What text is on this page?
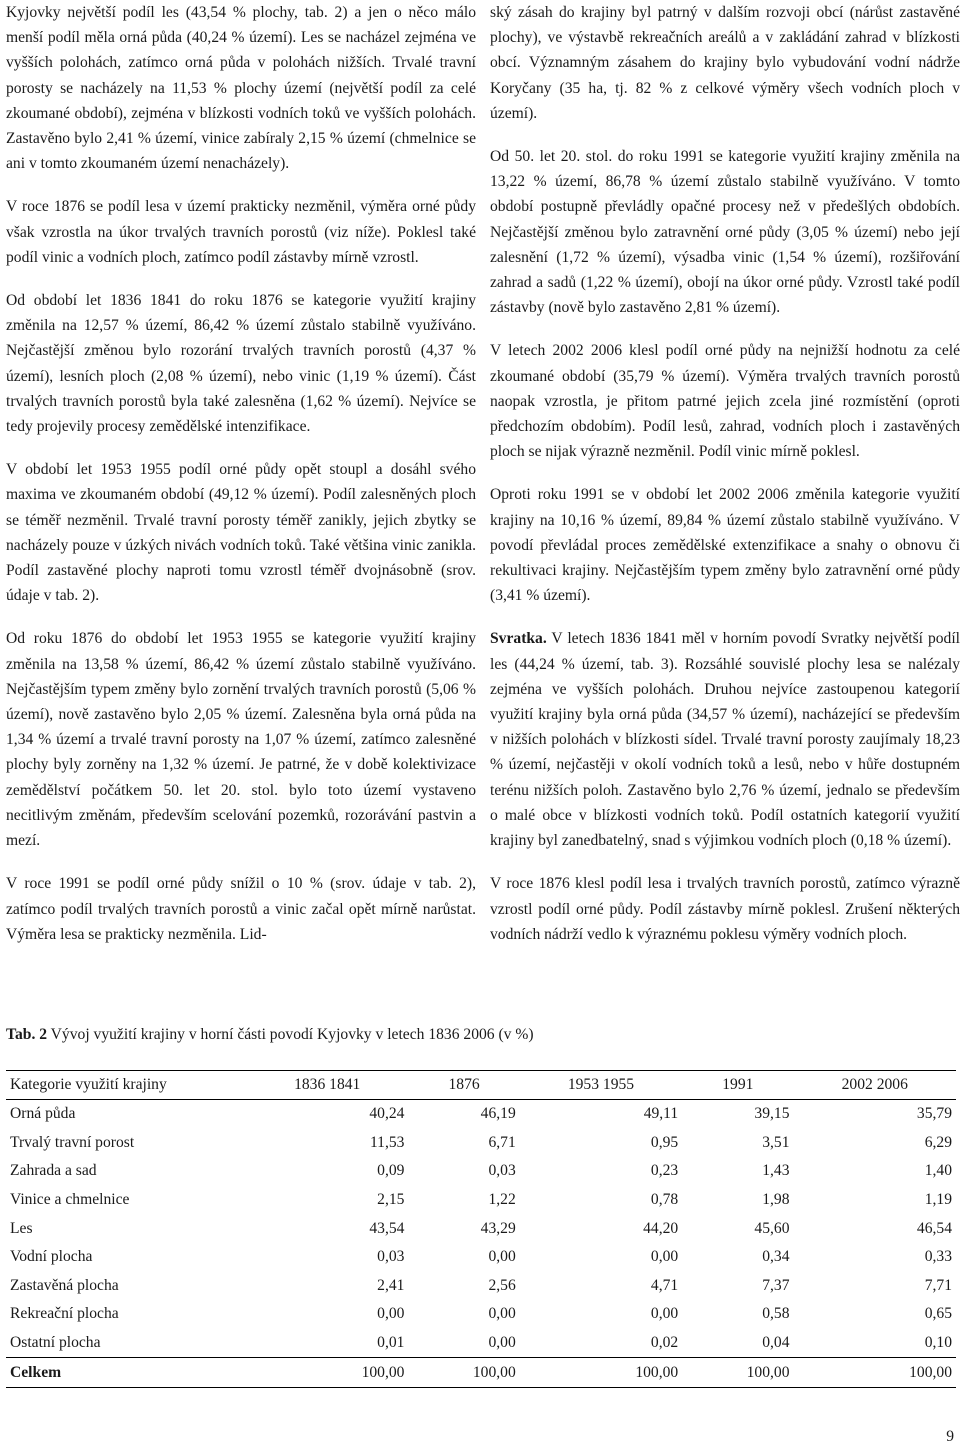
Kyjovky největší podíl les (43,54 % plochy, tab. 2) a jen o něco málo menší podíl měla orná půda (40,24 % území). Les se nacházel zejména ve vyšších polohách, zatímco orná půda v polohách nižších. Trvalé travní porosty se nacházely na 11,53 % plochy území (největší podíl za celé zkoumané období), zejména v blízkosti vodních toků ve vyšších polohách. Zastavěno bylo 2,41 % území, vinice zabíraly 2,15 % území (chmelnice se ani v tomto zkoumaném území nenacházely).

V roce 1876 se podíl lesa v území prakticky nezměnil, výměra orné půdy však vzrostla na úkor trvalých travních porostů (viz níže). Poklesl také podíl vinic a vodních ploch, zatímco podíl zástavby mírně vzrostl.

Od období let 1836 1841 do roku 1876 se kategorie využití krajiny změnila na 12,57 % území, 86,42 % území zůstalo stabilně využíváno. Nejčastější změnou bylo rozorání trvalých travních porostů (4,37 % území), lesních ploch (2,08 % území), nebo vinic (1,19 % území). Část trvalých travních porostů byla také zalesněna (1,62 % území). Nejvíce se tedy projevily procesy zemědělské intenzifikace.

V období let 1953 1955 podíl orné půdy opět stoupl a dosáhl svého maxima ve zkoumaném období (49,12 % území). Podíl zalesněných ploch se téměř nezměnil. Trvalé travní porosty téměř zanikly, jejich zbytky se nacházely pouze v úzkých nivách vodních toků. Také většina vinic zanikla. Podíl zastavěné plochy naproti tomu vzrostl téměř dvojnásobně (srov. údaje v tab. 2).

Od roku 1876 do období let 1953 1955 se kategorie využití krajiny změnila na 13,58 % území, 86,42 % území zůstalo stabilně využíváno. Nejčastějším typem změny bylo zornění trvalých travních porostů (5,06 % území), nově zastavěno bylo 2,05 % území. Zalesněna byla orná půda na 1,34 % území a trvalé travní porosty na 1,07 % území, zatímco zalesněné plochy byly zorněny na 1,32 % území. Je patrné, že v době kolektivizace zemědělství počátkem 50. let 20. stol. bylo toto území vystaveno necitlivým změnám, především scelování pozemků, rozorávání pastvin a mezí.

V roce 1991 se podíl orné půdy snížil o 10 % (srov. údaje v tab. 2), zatímco podíl trvalých travních porostů a vinic začal opět mírně narůstat. Výměra lesa se prakticky nezměnila. Lid-

ský zásah do krajiny byl patrný v dalším rozvoji obcí (nárůst zastavěné plochy), ve výstavbě rekreačních areálů a v zakládání zahrad v blízkosti obcí. Významným zásahem do krajiny bylo vybudování vodní nádrže Koryčany (35 ha, tj. 82 % z celkové výměry všech vodních ploch v území).

Od 50. let 20. stol. do roku 1991 se kategorie využití krajiny změnila na 13,22 % území, 86,78 % území zůstalo stabilně využíváno. V tomto období postupně převládly opačné procesy než v předešlých obdobích. Nejčastější změnou bylo zatravnění orné půdy (3,05 % území) nebo její zalesnění (1,72 % území), výsadba vinic (1,54 % území), rozšiřování zahrad a sadů (1,22 % území), obojí na úkor orné půdy. Vzrostl také podíl zástavby (nově bylo zastavěno 2,81 % území).

V letech 2002 2006 klesl podíl orné půdy na nejnižší hodnotu za celé zkoumané období (35,79 % území). Výměra trvalých travních porostů naopak vzrostla, je přitom patrné jejich zcela jiné rozmístění (oproti předchozím obdobím). Podíl lesů, zahrad, vodních ploch i zastavěných ploch se nijak výrazně nezměnil. Podíl vinic mírně poklesl.

Oproti roku 1991 se v období let 2002 2006 změnila kategorie využití krajiny na 10,16 % území, 89,84 % území zůstalo stabilně využíváno. V povodí převládal proces zemědělské extenzifikace a snahy o obnovu či rekultivaci krajiny. Nejčastějším typem změny bylo zatravnění orné půdy (3,41 % území).

Svratka. V letech 1836 1841 měl v horním povodí Svratky největší podíl les (44,24 % území, tab. 3). Rozsáhlé souvislé plochy lesa se nalézaly zejména ve vyšších polohách. Druhou nejvíce zastoupenou kategorií využití krajiny byla orná půda (34,57 % území), nacházející se především v nižších polohách v blízkosti sídel. Trvalé travní porosty zaujímaly 18,23 % území, nejčastěji v okolí vodních toků a lesů, nebo v hůře dostupném terénu nižších poloh. Zastavěno bylo 2,76 % území, jednalo se především o malé obce v blízkosti vodních toků. Podíl ostatních kategorií využití krajiny byl zanedbatelný, snad s výjimkou vodních ploch (0,18 % území).

V roce 1876 klesl podíl lesa i trvalých travních porostů, zatímco výrazně vzrostl podíl orné půdy. Podíl zástavby mírně poklesl. Zrušení některých vodních nádrží vedlo k výraznému poklesu výměry vodních ploch.

Tab. 2 Vývoj využití krajiny v horní části povodí Kyjovky v letech 1836 2006 (v %)
Kategorie využití krajiny	1836 1841	1876	1953 1955	1991	2002 2006
Orná půda	40,24	46,19	49,11	39,15	35,79
Trvalý travní porost	11,53	6,71	0,95	3,51	6,29
Zahrada a sad	0,09	0,03	0,23	1,43	1,40
Vinice a chmelnice	2,15	1,22	0,78	1,98	1,19
Les	43,54	43,29	44,20	45,60	46,54
Vodní plocha	0,03	0,00	0,00	0,34	0,33
Zastavěná plocha	2,41	2,56	4,71	7,37	7,71
Rekreační plocha	0,00	0,00	0,00	0,58	0,65
Ostatní plocha	0,01	0,00	0,02	0,04	0,10
Celkem	100,00	100,00	100,00	100,00	100,00
9
